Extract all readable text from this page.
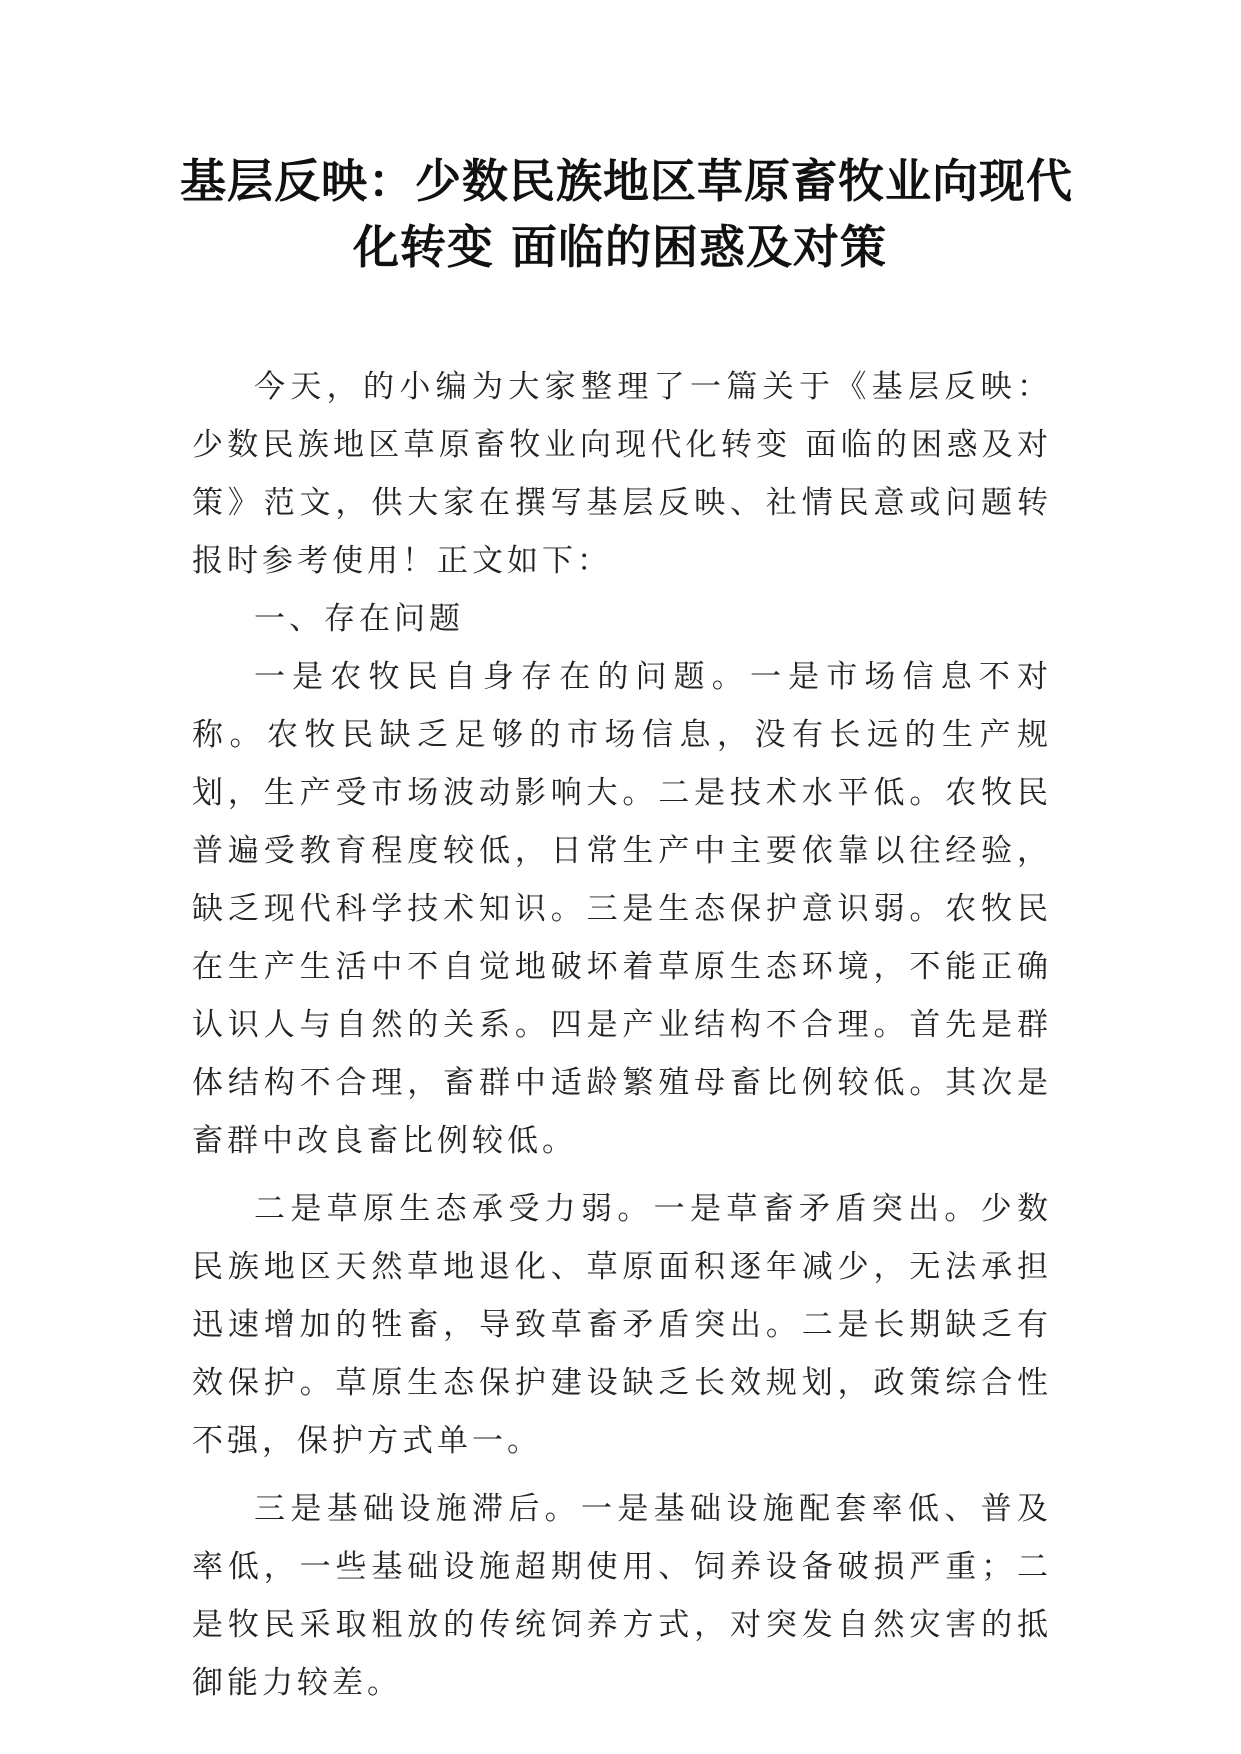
基层反映：少数民族地区草原畜牧业向现代
化转变 面临的困惑及对策

今天，的小编为大家整理了一篇关于《基层反映：少数民族地区草原畜牧业向现代化转变 面临的困惑及对策》范文，供大家在撰写基层反映、社情民意或问题转报时参考使用！正文如下：

一、存在问题

一是农牧民自身存在的问题。一是市场信息不对称。农牧民缺乏足够的市场信息，没有长远的生产规划，生产受市场波动影响大。二是技术水平低。农牧民普遍受教育程度较低，日常生产中主要依靠以往经验，缺乏现代科学技术知识。三是生态保护意识弱。农牧民在生产生活中不自觉地破坏着草原生态环境，不能正确认识人与自然的关系。四是产业结构不合理。首先是群体结构不合理，畜群中适龄繁殖母畜比例较低。其次是畜群中改良畜比例较低。

二是草原生态承受力弱。一是草畜矛盾突出。少数民族地区天然草地退化、草原面积逐年减少，无法承担迅速增加的牲畜，导致草畜矛盾突出。二是长期缺乏有效保护。草原生态保护建设缺乏长效规划，政策综合性不强，保护方式单一。

三是基础设施滞后。一是基础设施配套率低、普及率低，一些基础设施超期使用、饲养设备破损严重；二是牧民采取粗放的传统饲养方式，对突发自然灾害的抵御能力较差。
